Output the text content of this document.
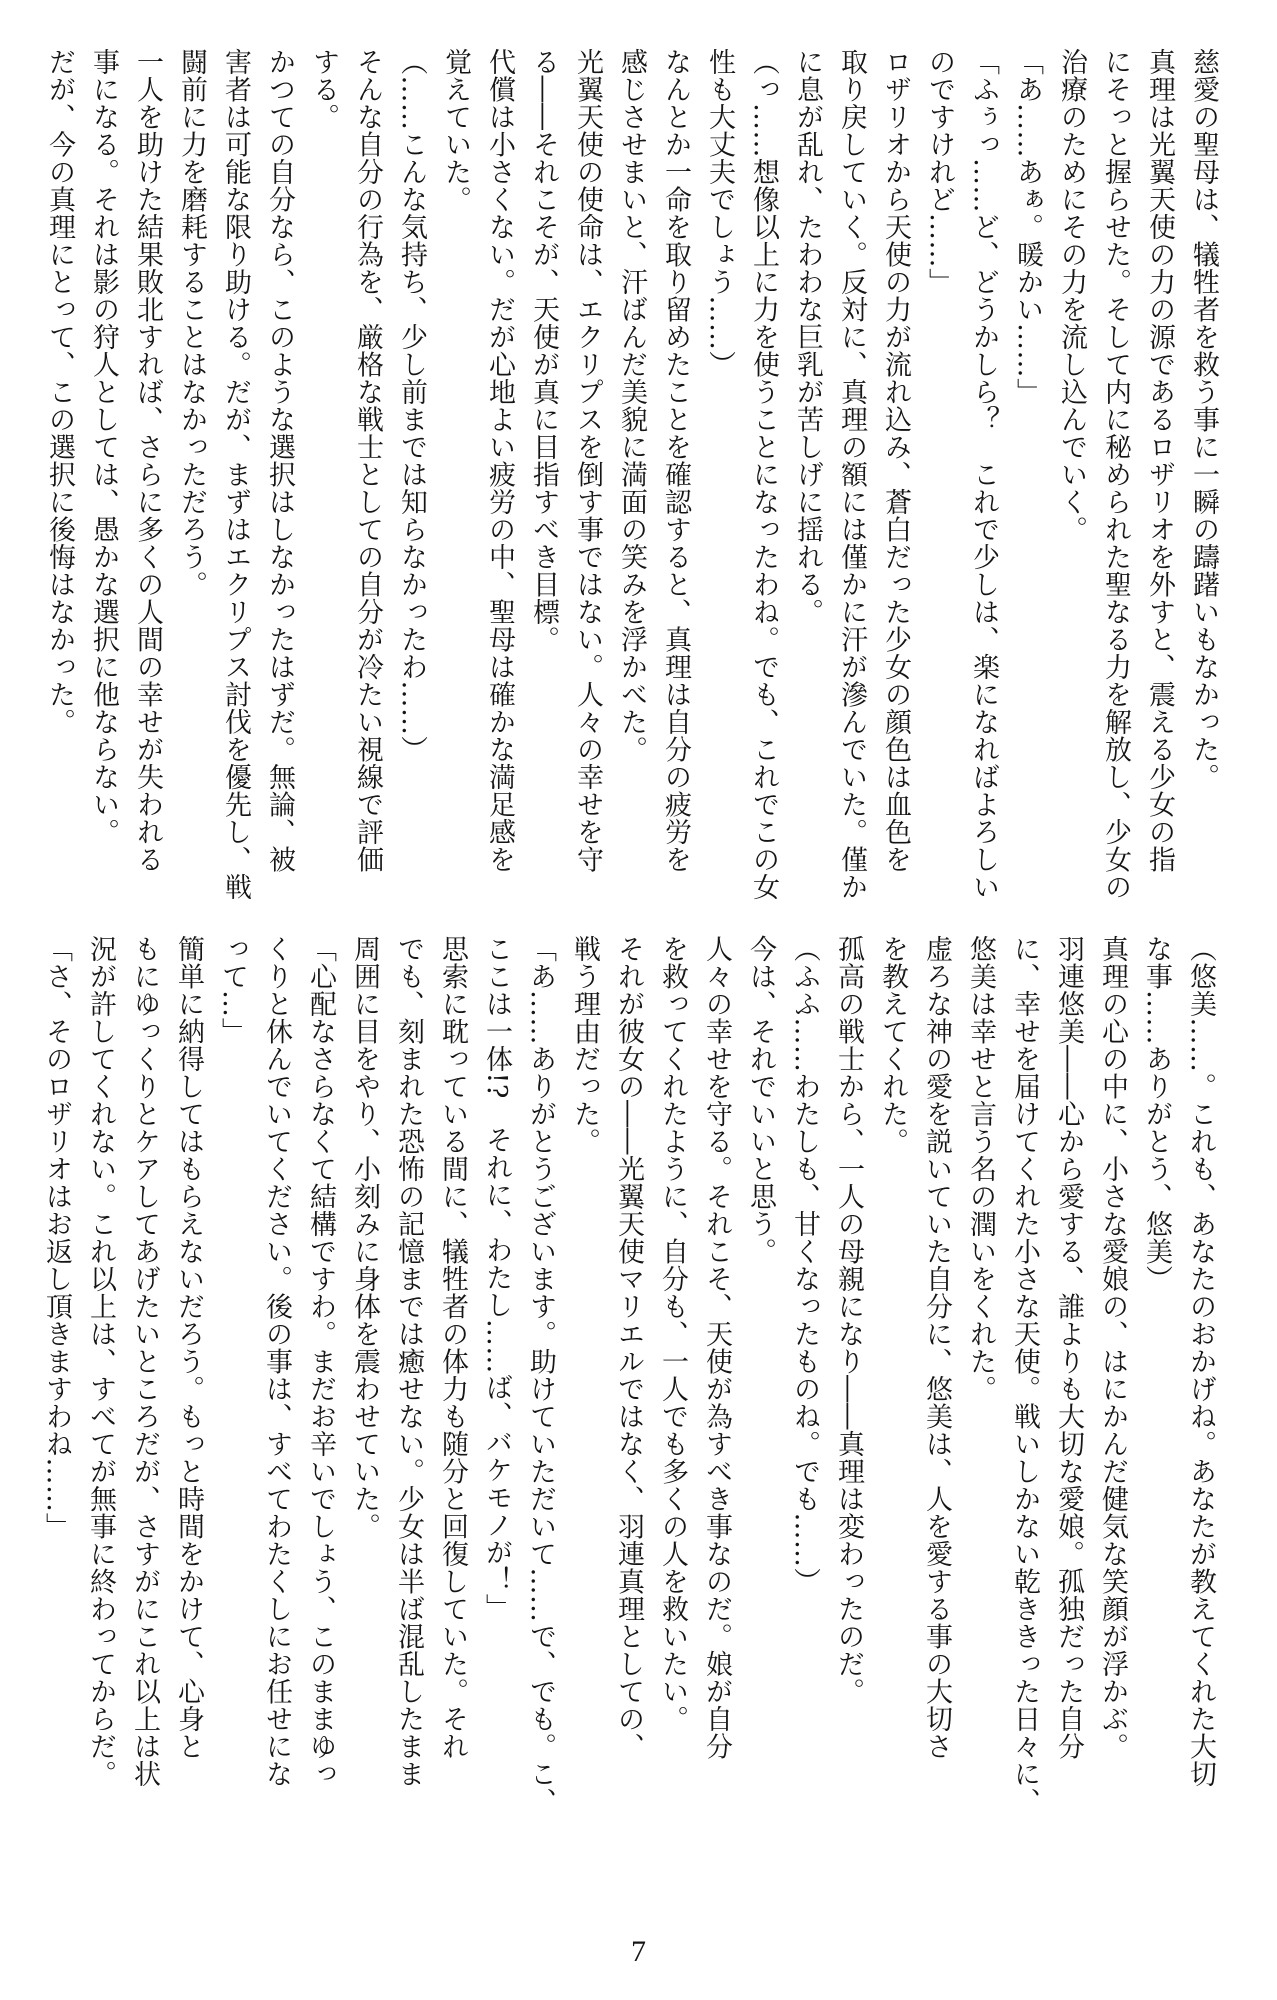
慈愛の聖母は、犠牲者を救う事に一瞬の躊躇いもなかった。
真理は光翼天使の力の源であるロザリオを外すと、震える少女の指
にそっと握らせた。そして内に秘められた聖なる力を解放し、少女の
治療のためにその力を流し込んでいく。
「あ……あぁ。暖かい……」
「ふぅっ……ど、どうかしら？　これで少しは、楽になればよろしい
のですけれど……」
ロザリオから天使の力が流れ込み、蒼白だった少女の顔色は血色を
取り戻していく。反対に、真理の額には僅かに汗が滲んでいた。僅か
に息が乱れ、たわわな巨乳が苦しげに揺れる。
（っ……想像以上に力を使うことになったわね。でも、これでこの女
性も大丈夫でしょう……）
なんとか一命を取り留めたことを確認すると、真理は自分の疲労を
感じさせまいと、汗ばんだ美貌に満面の笑みを浮かべた。
光翼天使の使命は、エクリプスを倒す事ではない。人々の幸せを守
る――それこそが、天使が真に目指すべき目標。
代償は小さくない。だが心地よい疲労の中、聖母は確かな満足感を
覚えていた。
（……こんな気持ち、少し前までは知らなかったわ……）
そんな自分の行為を、厳格な戦士としての自分が冷たい視線で評価
する。
かつての自分なら、このような選択はしなかったはずだ。無論、被
害者は可能な限り助ける。だが、まずはエクリプス討伐を優先し、戦
闘前に力を磨耗することはなかっただろう。
一人を助けた結果敗北すれば、さらに多くの人間の幸せが失われる
事になる。それは影の狩人としては、愚かな選択に他ならない。
だが、今の真理にとって、この選択に後悔はなかった。
（悠美……。これも、あなたのおかげね。あなたが教えてくれた大切
な事……ありがとう、悠美）
真理の心の中に、小さな愛娘の、はにかんだ健気な笑顔が浮かぶ。
羽連悠美――心から愛する、誰よりも大切な愛娘。孤独だった自分
に、幸せを届けてくれた小さな天使。戦いしかない乾ききった日々に、
悠美は幸せと言う名の潤いをくれた。
虚ろな神の愛を説いていた自分に、悠美は、人を愛する事の大切さ
を教えてくれた。
孤高の戦士から、一人の母親になり――真理は変わったのだ。
（ふふ……わたしも、甘くなったものね。でも……）
今は、それでいいと思う。
人々の幸せを守る。それこそ、天使が為すべき事なのだ。娘が自分
を救ってくれたように、自分も、一人でも多くの人を救いたい。
それが彼女の――光翼天使マリエルではなく、羽連真理としての、
戦う理由だった。
「あ……ありがとうございます。助けていただいて……で、でも。こ、
ここは一体!?　それに、わたし……ば、バケモノが！」
思索に耽っている間に、犠牲者の体力も随分と回復していた。それ
でも、刻まれた恐怖の記憶までは癒せない。少女は半ば混乱したまま
周囲に目をやり、小刻みに身体を震わせていた。
「心配なさらなくて結構ですわ。まだお辛いでしょう、このままゆっ
くりと休んでいてください。後の事は、すべてわたくしにお任せにな
って…」
簡単に納得してはもらえないだろう。もっと時間をかけて、心身と
もにゆっくりとケアしてあげたいところだが、さすがにこれ以上は状
況が許してくれない。これ以上は、すべてが無事に終わってからだ。
「さ、そのロザリオはお返し頂きますわね……」
7
